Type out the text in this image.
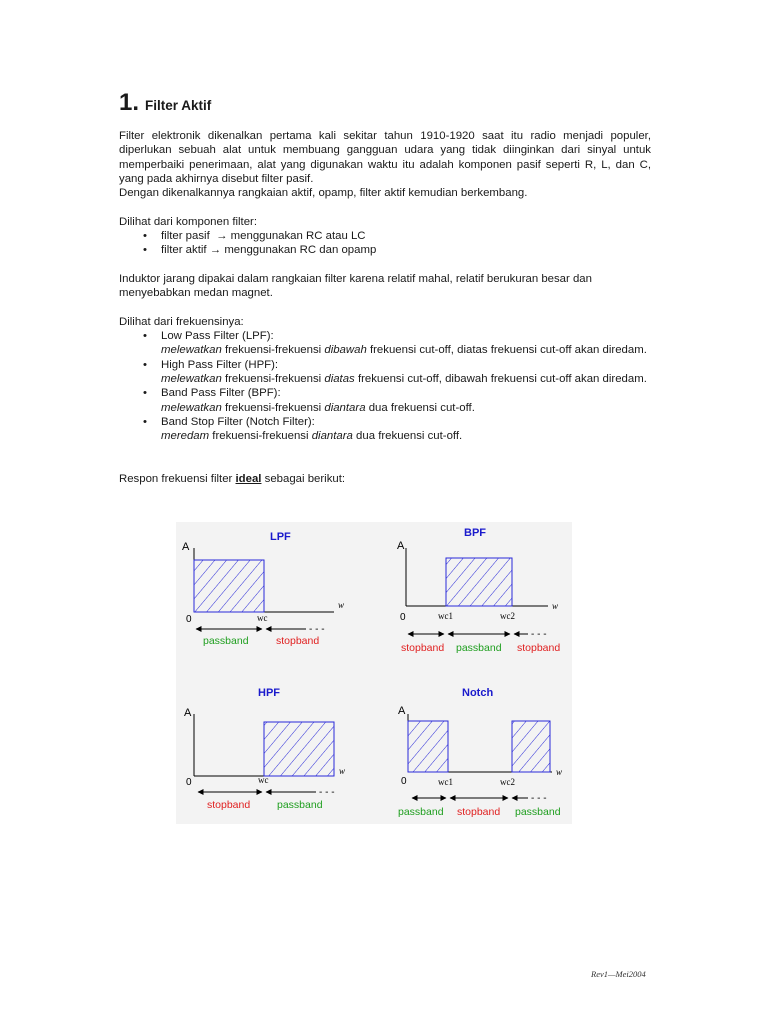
1. Filter Aktif

Filter elektronik dikenalkan pertama kali sekitar tahun 1910-1920 saat itu radio menjadi populer, diperlukan sebuah alat untuk membuang gangguan udara yang tidak diinginkan dari sinyal untuk memperbaiki penerimaan, alat yang digunakan waktu itu adalah komponen pasif seperti R, L, dan C, yang pada akhirnya disebut filter pasif.

Dengan dikenalkannya rangkaian aktif, opamp, filter aktif kemudian berkembang.

Dilihat dari komponen filter:

• filter pasif → menggunakan RC atau LC
• filter aktif → menggunakan RC dan opamp

Induktor jarang dipakai dalam rangkaian filter karena relatif mahal, relatif berukuran besar dan menyebabkan medan magnet.

Dilihat dari frekuensinya:

• Low Pass Filter (LPF):
melewatkan frekuensi-frekuensi dibawah frekuensi cut-off, diatas frekuensi cut-off akan diredam.
• High Pass Filter (HPF):
melewatkan frekuensi-frekuensi diatas frekuensi cut-off, dibawah frekuensi cut-off akan diredam.
• Band Pass Filter (BPF):
melewatkan frekuensi-frekuensi diantara dua frekuensi cut-off.
• Band Stop Filter (Notch Filter):
meredam frekuensi-frekuensi diantara dua frekuensi cut-off.

Respon frekuensi filter ideal sebagai berikut:

LPF
A
w
0	wc
- - -
passband	stopband
BPF
A
w
0	wc1	wc2
- - -
stopband passband stopband
HPF
A
w
0	wc
- - -
stopband	passband
Notch
A
w
0	wc1	wc2
- - -
passband stopband passband
Rev1—Mei2004
